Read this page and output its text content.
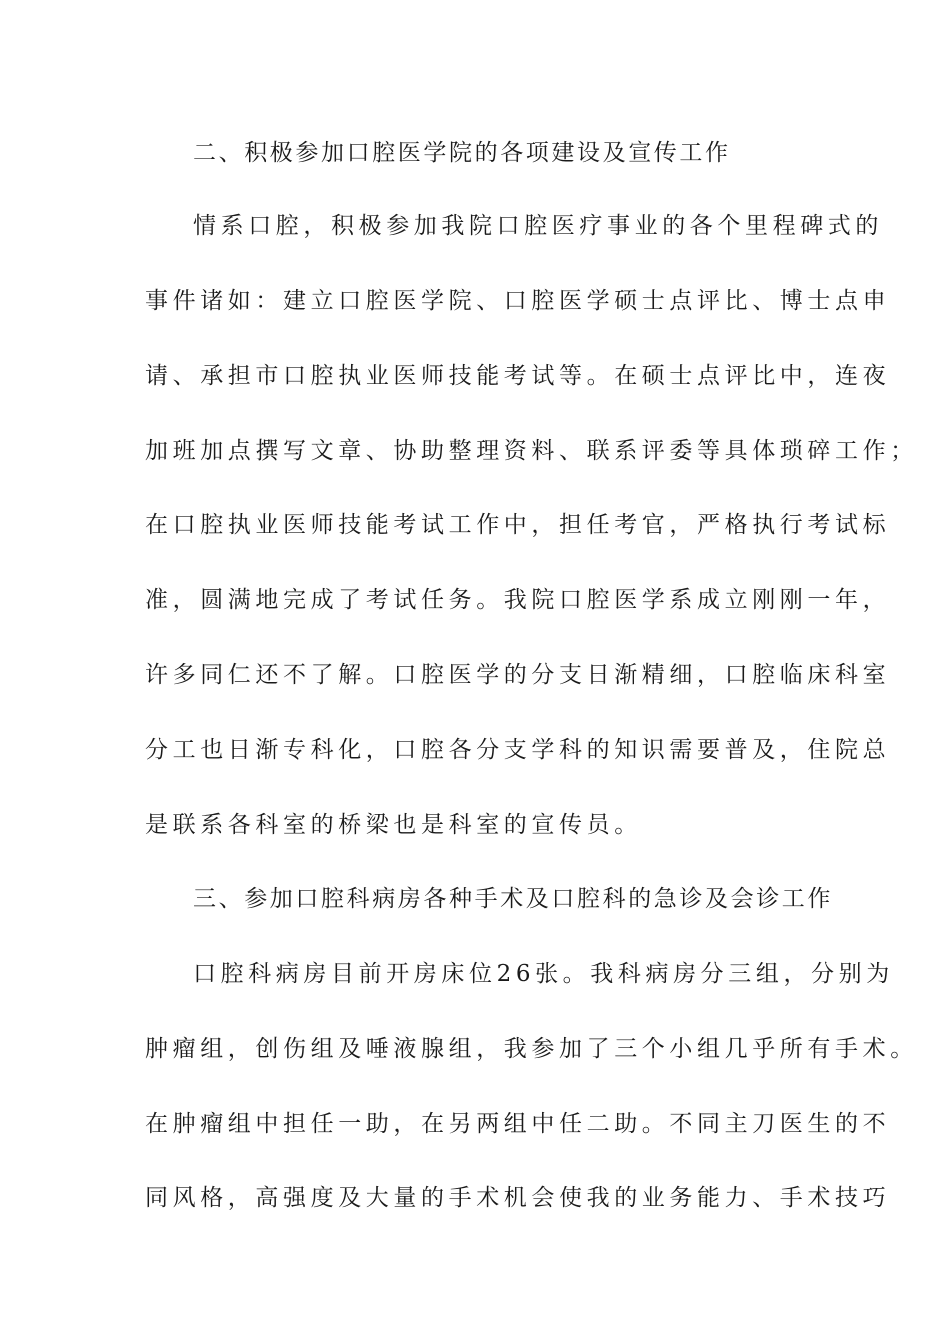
二、积极参加口腔医学院的各项建设及宣传工作
情系口腔，积极参加我院口腔医疗事业的各个里程碑式的
事件诸如：建立口腔医学院、口腔医学硕士点评比、博士点申
请、承担市口腔执业医师技能考试等。在硕士点评比中，连夜
加班加点撰写文章、协助整理资料、联系评委等具体琐碎工作；
在口腔执业医师技能考试工作中，担任考官，严格执行考试标
准，圆满地完成了考试任务。我院口腔医学系成立刚刚一年，
许多同仁还不了解。口腔医学的分支日渐精细，口腔临床科室
分工也日渐专科化，口腔各分支学科的知识需要普及，住院总
是联系各科室的桥梁也是科室的宣传员。
三、参加口腔科病房各种手术及口腔科的急诊及会诊工作
口腔科病房目前开房床位26张。我科病房分三组，分别为
肿瘤组，创伤组及唾液腺组，我参加了三个小组几乎所有手术。
在肿瘤组中担任一助，在另两组中任二助。不同主刀医生的不
同风格，高强度及大量的手术机会使我的业务能力、手术技巧
